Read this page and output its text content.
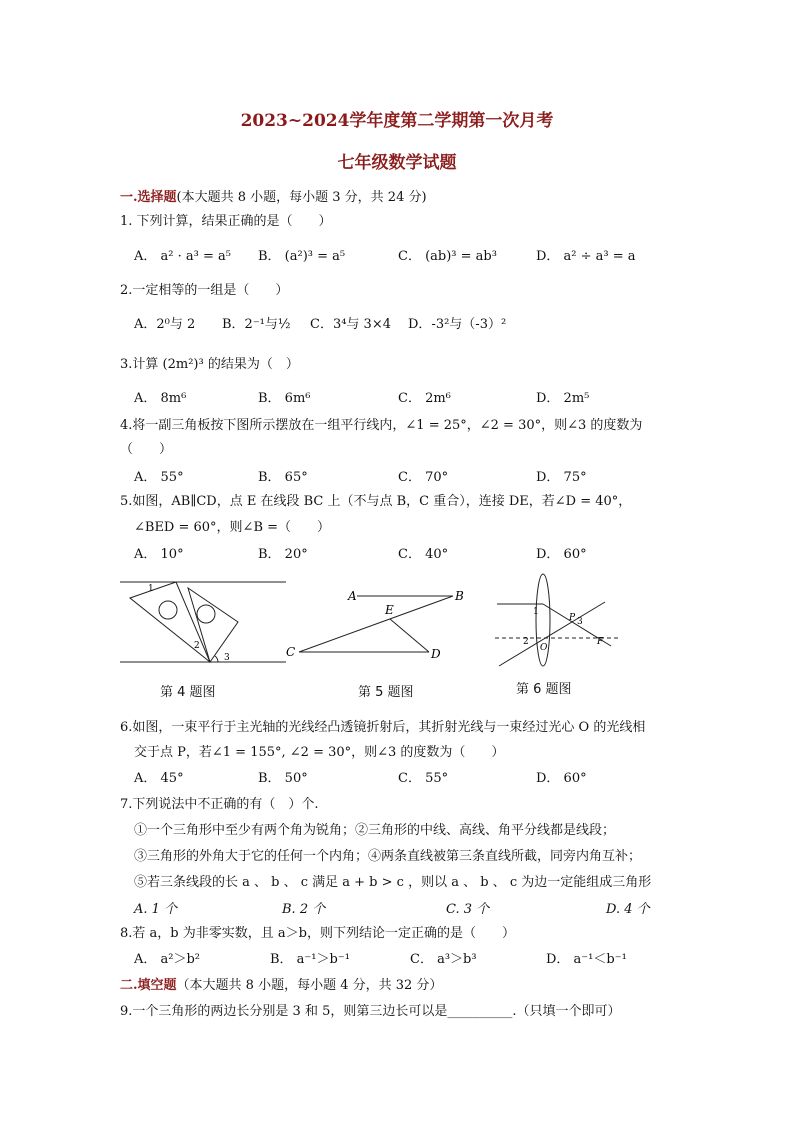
2023~2024学年度第二学期第一次月考
七年级数学试题
一.选择题(本大题共 8 小题，每小题 3 分，共 24 分)
1. 下列计算，结果正确的是（　　）
A． a² · a³ = a⁵ B． (a²)³ = a⁵	C． (ab)³ = ab³	D． a² ÷ a³ = a
2.一定相等的一组是（　　）
A．2⁰与 2 B．2⁻¹与½ C．3⁴与 3×4 D．-3²与（-3）²
3.计算 (2m²)³ 的结果为（　）
A． 8m⁶	B． 6m⁶	C． 2m⁶	D． 2m⁵
4.将一副三角板按下图所示摆放在一组平行线内，∠1 = 25°，∠2 = 30°，则∠3 的度数为
（　　）
A． 55°	B． 65°	C． 70°	D． 75°
5.如图，AB∥CD，点 E 在线段 BC 上（不与点 B，C 重合），连接 DE，若∠D = 40°，
∠BED = 60°，则∠B =（　　）
A． 10°	B． 20°	C． 40°	D． 60°
1
2
3
A	B
C	D
E	1
2
3
O
P
F
第 4 题图	第 5 题图	第 6 题图
6.如图，一束平行于主光轴的光线经凸透镜折射后，其折射光线与一束经过光心 O 的光线相
交于点 P，若∠1 = 155°, ∠2 = 30°，则∠3 的度数为（　　）
A． 45°	B． 50°	C． 55°	D． 60°
7.下列说法中不正确的有（　）个.
①一个三角形中至少有两个角为锐角；②三角形的中线、高线、角平分线都是线段；
③三角形的外角大于它的任何一个内角；④两条直线被第三条直线所截，同旁内角互补；
⑤若三条线段的长 a 、 b 、 c 满足 a + b > c ，则以 a 、 b 、 c 为边一定能组成三角形
A. 1 个	B. 2 个	C. 3 个	D. 4 个
8.若 a，b 为非零实数，且 a＞b，则下列结论一定正确的是（　　）
A． a²＞b²	B． a⁻¹＞b⁻¹	C． a³＞b³	D． a⁻¹＜b⁻¹
二.填空题（本大题共 8 小题，每小题 4 分，共 32 分）
9.一个三角形的两边长分别是 3 和 5，则第三边长可以是__________.（只填一个即可）
